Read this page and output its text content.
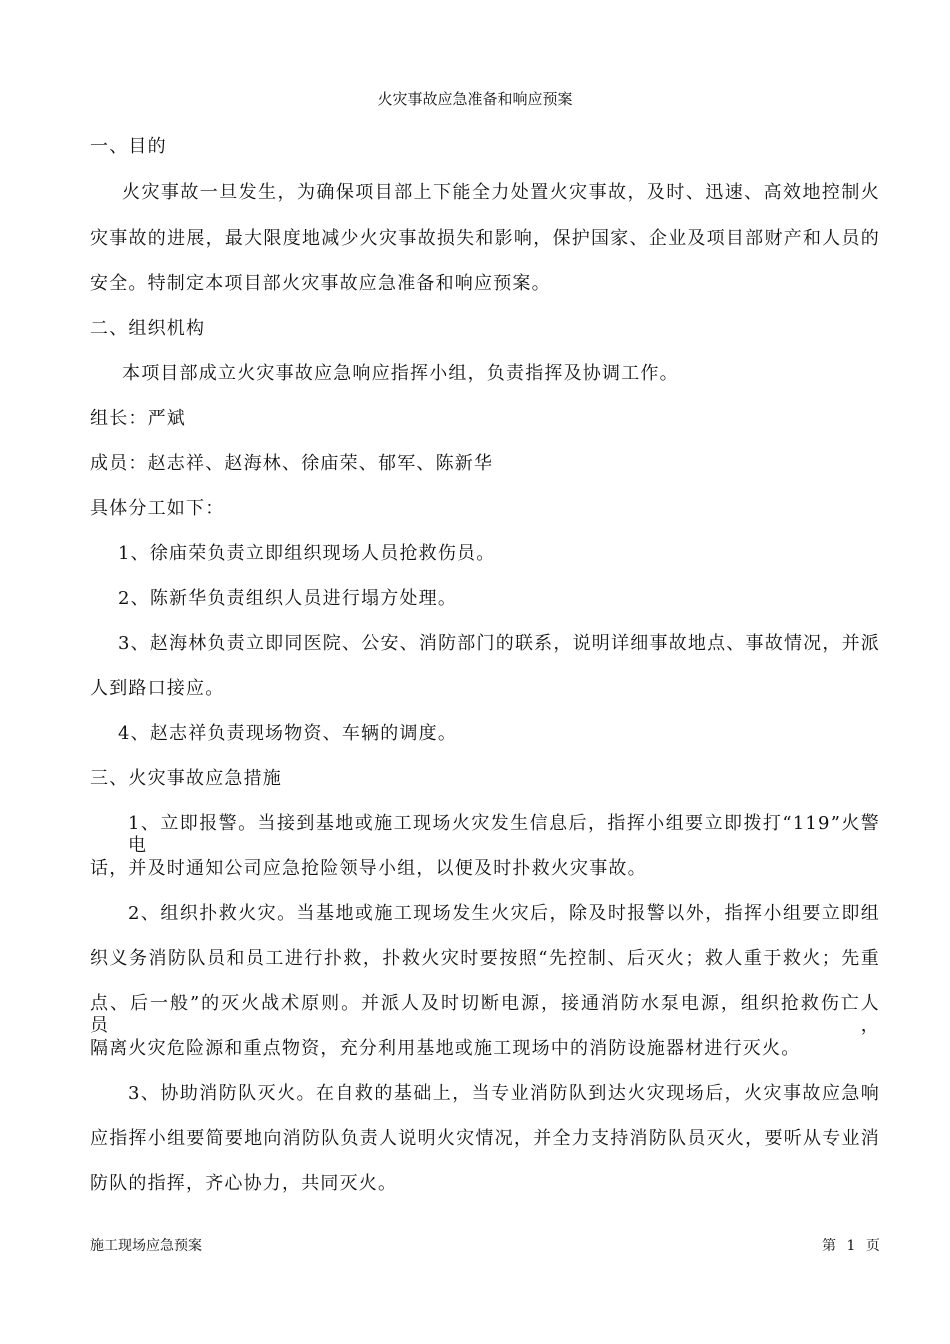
火灾事故应急准备和响应预案
一、目的
火灾事故一旦发生，为确保项目部上下能全力处置火灾事故，及时、迅速、高效地控制火
灾事故的进展，最大限度地减少火灾事故损失和影响，保护国家、企业及项目部财产和人员的
安全。特制定本项目部火灾事故应急准备和响应预案。
二、组织机构
本项目部成立火灾事故应急响应指挥小组，负责指挥及协调工作。
组长：严斌
成员：赵志祥、赵海林、徐庙荣、郁军、陈新华
具体分工如下：
1、徐庙荣负责立即组织现场人员抢救伤员。
2、陈新华负责组织人员进行塌方处理。
3、赵海林负责立即同医院、公安、消防部门的联系，说明详细事故地点、事故情况，并派
人到路口接应。
4、赵志祥负责现场物资、车辆的调度。
三、火灾事故应急措施
1、立即报警。当接到基地或施工现场火灾发生信息后，指挥小组要立即拨打“119”火警电
话，并及时通知公司应急抢险领导小组，以便及时扑救火灾事故。
2、组织扑救火灾。当基地或施工现场发生火灾后，除及时报警以外，指挥小组要立即组
织义务消防队员和员工进行扑救，扑救火灾时要按照“先控制、后灭火；救人重于救火；先重
点、后一般”的灭火战术原则。并派人及时切断电源，接通消防水泵电源，组织抢救伤亡人员，
隔离火灾危险源和重点物资，充分利用基地或施工现场中的消防设施器材进行灭火。
3、协助消防队灭火。在自救的基础上，当专业消防队到达火灾现场后，火灾事故应急响
应指挥小组要简要地向消防队负责人说明火灾情况，并全力支持消防队员灭火，要听从专业消
防队的指挥，齐心协力，共同灭火。
施工现场应急预案	第 1 页
